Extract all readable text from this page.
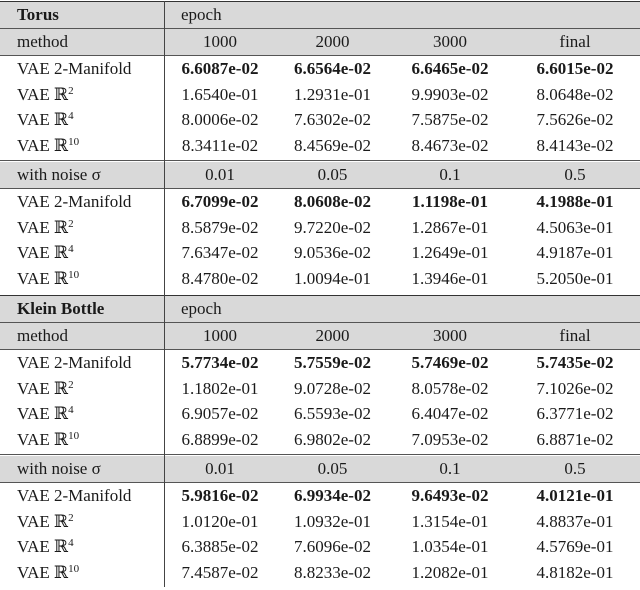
Torus	epoch
method	1000	2000	3000	final
VAE 2-Manifold	6.6087e-02	6.6564e-02	6.6465e-02	6.6015e-02
VAE ℝ$^2$	1.6540e-01	1.2931e-01	9.9903e-02	8.0648e-02
VAE ℝ$^4$	8.0006e-02	7.6302e-02	7.5875e-02	7.5626e-02
VAE ℝ$^{10}$	8.3411e-02	8.4569e-02	8.4673e-02	8.4143e-02
with noise σ	0.01	0.05	0.1	0.5
VAE 2-Manifold	6.7099e-02	8.0608e-02	1.1198e-01	4.1988e-01
VAE ℝ$^2$	8.5879e-02	9.7220e-02	1.2867e-01	4.5063e-01
VAE ℝ$^4$	7.6347e-02	9.0536e-02	1.2649e-01	4.9187e-01
VAE ℝ$^{10}$	8.4780e-02	1.0094e-01	1.3946e-01	5.2050e-01
Klein Bottle	epoch
method	1000	2000	3000	final
VAE 2-Manifold	5.7734e-02	5.7559e-02	5.7469e-02	5.7435e-02
VAE ℝ$^2$	1.1802e-01	9.0728e-02	8.0578e-02	7.1026e-02
VAE ℝ$^4$	6.9057e-02	6.5593e-02	6.4047e-02	6.3771e-02
VAE ℝ$^{10}$	6.8899e-02	6.9802e-02	7.0953e-02	6.8871e-02
with noise σ	0.01	0.05	0.1	0.5
VAE 2-Manifold	5.9816e-02	6.9934e-02	9.6493e-02	4.0121e-01
VAE ℝ$^2$	1.0120e-01	1.0932e-01	1.3154e-01	4.8837e-01
VAE ℝ$^4$	6.3885e-02	7.6096e-02	1.0354e-01	4.5769e-01
VAE ℝ$^{10}$	7.4587e-02	8.8233e-02	1.2082e-01	4.8182e-01
